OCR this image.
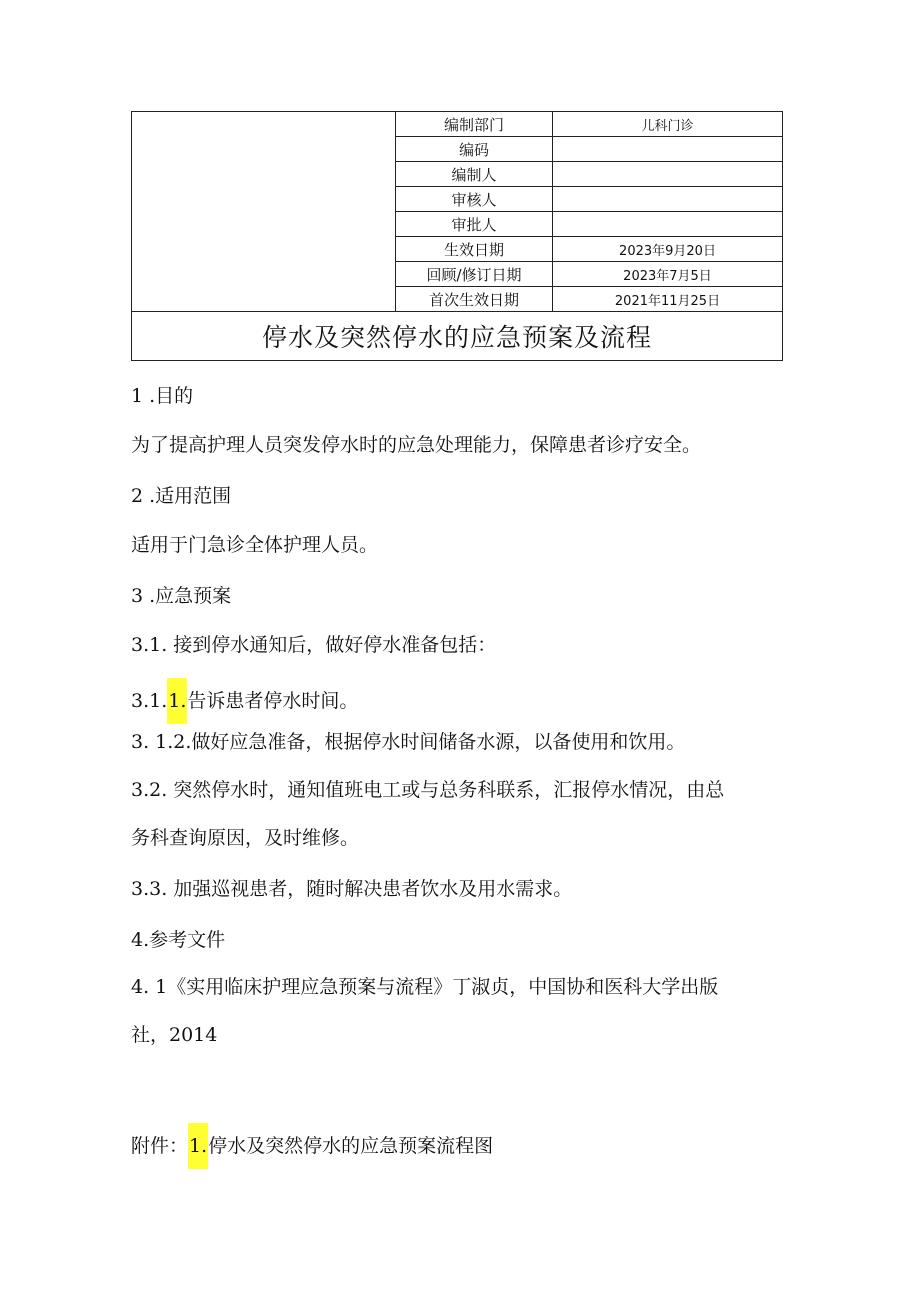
	编制部门	儿科门诊
	编码	
	编制人	
	审核人	
	审批人	
	生效日期	2023年9月20日
	回顾/修订日期	2023年7月5日
	首次生效日期	2021年11月25日
停水及突然停水的应急预案及流程		

1 .目的

为了提高护理人员突发停水时的应急处理能力，保障患者诊疗安全。

2 .适用范围

适用于门急诊全体护理人员。

3 .应急预案

3.1. 接到停水通知后，做好停水准备包括：

3.1.1.告诉患者停水时间。

3. 1.2.做好应急准备，根据停水时间储备水源，以备使用和饮用。

3.2. 突然停水时，通知值班电工或与总务科联系，汇报停水情况，由总

务科查询原因，及时维修。

3.3. 加强巡视患者，随时解决患者饮水及用水需求。

4.参考文件

4. 1《实用临床护理应急预案与流程》丁淑贞，中国协和医科大学出版

社，2014

附件：1.停水及突然停水的应急预案流程图
